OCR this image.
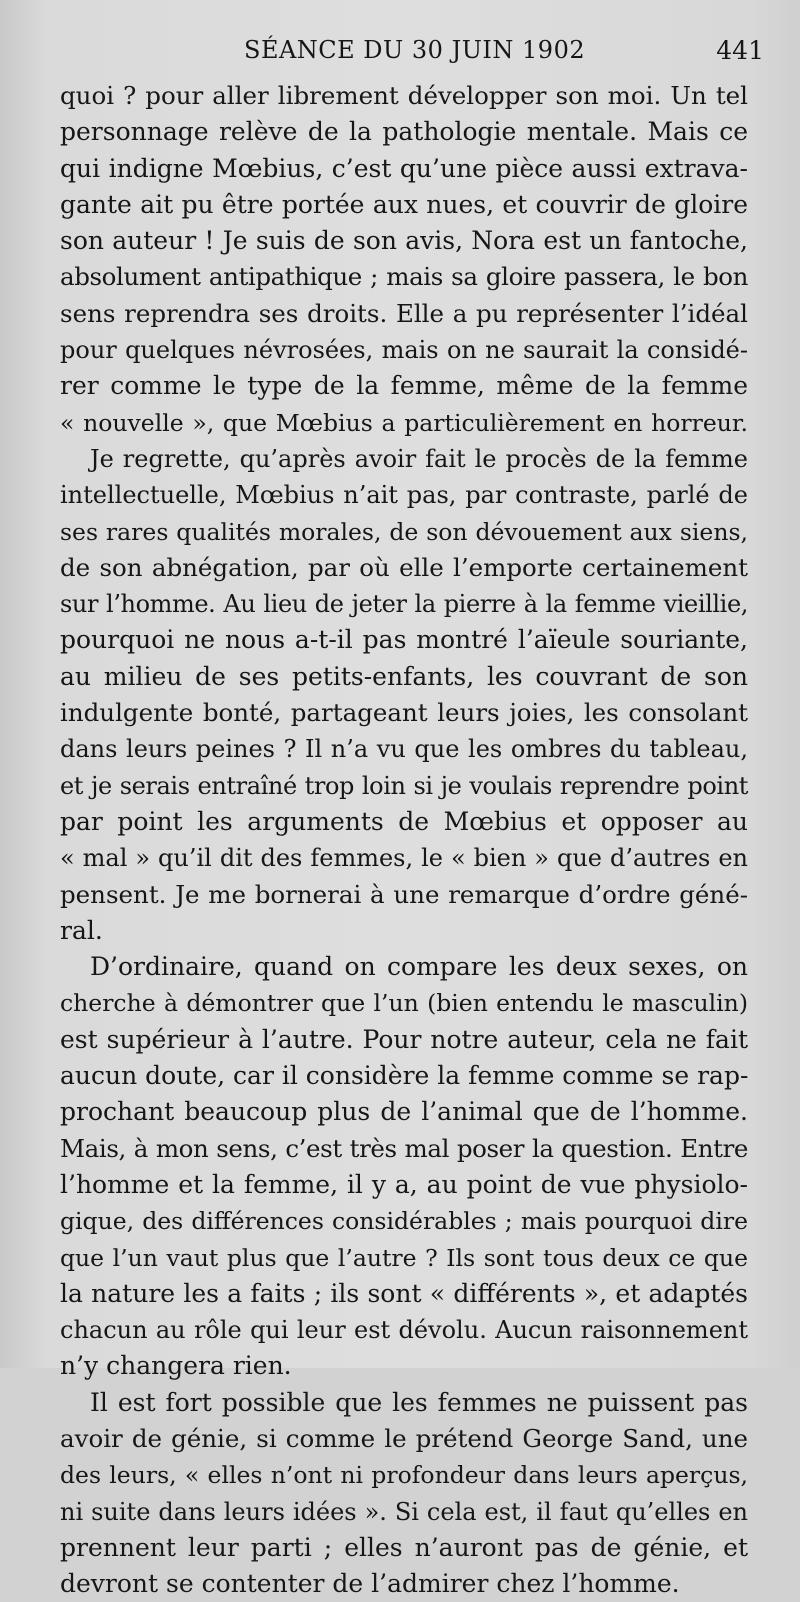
SÉANCE DU 30 JUIN 1902	441
quoi ? pour aller librement développer son moi. Un tel
personnage relève de la pathologie mentale. Mais ce
qui indigne Mœbius, c’est qu’une pièce aussi extrava-
gante ait pu être portée aux nues, et couvrir de gloire
son auteur ! Je suis de son avis, Nora est un fantoche,
absolument antipathique ; mais sa gloire passera, le bon
sens reprendra ses droits. Elle a pu représenter l’idéal
pour quelques névrosées, mais on ne saurait la considé-
rer comme le type de la femme, même de la femme
« nouvelle », que Mœbius a particulièrement en horreur.
Je regrette, qu’après avoir fait le procès de la femme
intellectuelle, Mœbius n’ait pas, par contraste, parlé de
ses rares qualités morales, de son dévouement aux siens,
de son abnégation, par où elle l’emporte certainement
sur l’homme. Au lieu de jeter la pierre à la femme vieillie,
pourquoi ne nous a-t-il pas montré l’aïeule souriante,
au milieu de ses petits-enfants, les couvrant de son
indulgente bonté, partageant leurs joies, les consolant
dans leurs peines ? Il n’a vu que les ombres du tableau,
et je serais entraîné trop loin si je voulais reprendre point
par point les arguments de Mœbius et opposer au
« mal » qu’il dit des femmes, le « bien » que d’autres en
pensent. Je me bornerai à une remarque d’ordre géné-
ral.
D’ordinaire, quand on compare les deux sexes, on
cherche à démontrer que l’un (bien entendu le masculin)
est supérieur à l’autre. Pour notre auteur, cela ne fait
aucun doute, car il considère la femme comme se rap-
prochant beaucoup plus de l’animal que de l’homme.
Mais, à mon sens, c’est très mal poser la question. Entre
l’homme et la femme, il y a, au point de vue physiolo-
gique, des différences considérables ; mais pourquoi dire
que l’un vaut plus que l’autre ? Ils sont tous deux ce que
la nature les a faits ; ils sont « différents », et adaptés
chacun au rôle qui leur est dévolu. Aucun raisonnement
n’y changera rien.
Il est fort possible que les femmes ne puissent pas
avoir de génie, si comme le prétend George Sand, une
des leurs, « elles n’ont ni profondeur dans leurs aperçus,
ni suite dans leurs idées ». Si cela est, il faut qu’elles en
prennent leur parti ; elles n’auront pas de génie, et
devront se contenter de l’admirer chez l’homme.
